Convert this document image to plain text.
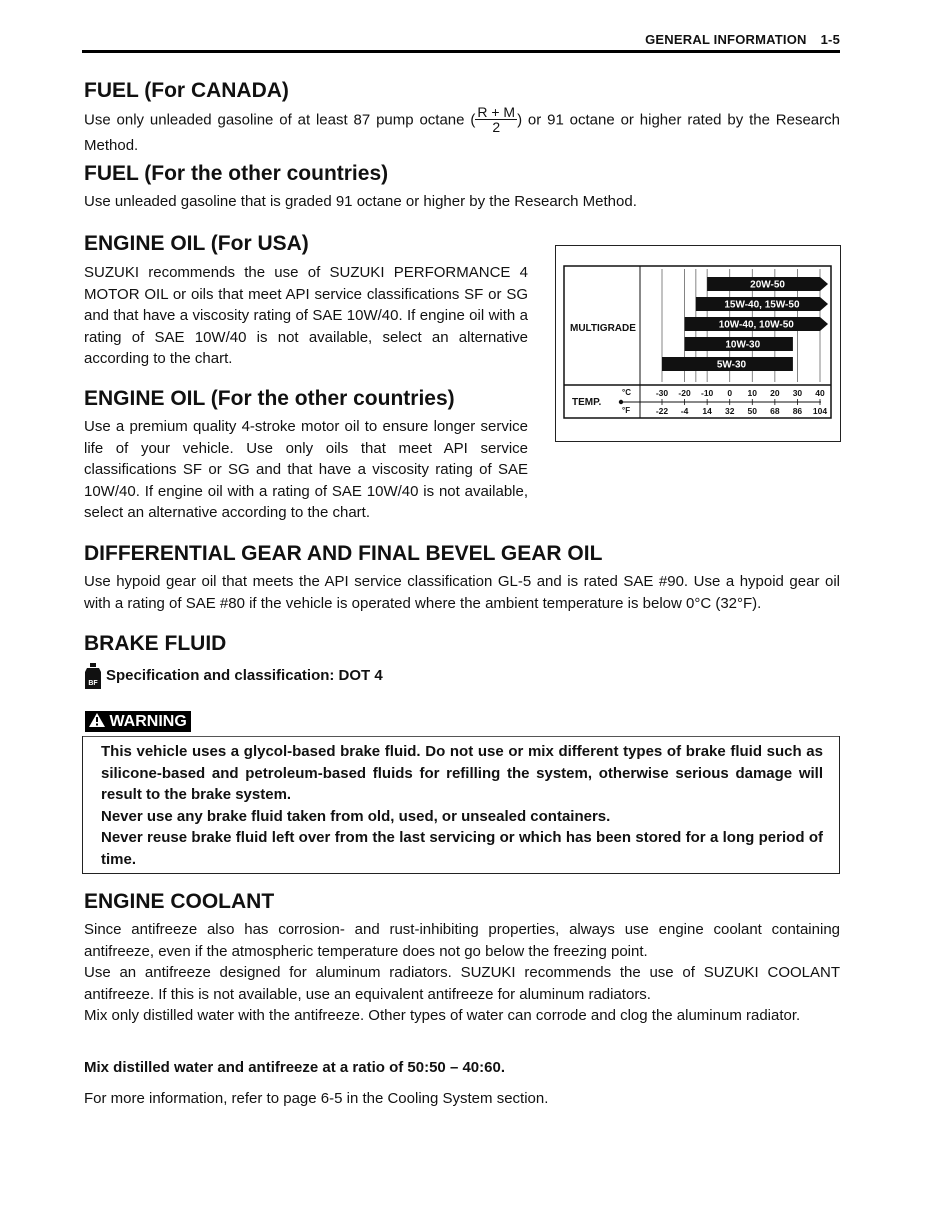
GENERAL INFORMATION 1-5
FUEL (For CANADA)

Use only unleaded gasoline of at least 87 pump octane ( $\frac{R + M}{2}$ ) or 91 octane or higher rated by the Research Method.

FUEL (For the other countries)

Use unleaded gasoline that is graded 91 octane or higher by the Research Method.

ENGINE OIL (For USA)

SUZUKI recommends the use of SUZUKI PERFORMANCE 4 MOTOR OIL or oils that meet API service classifications SF or SG and that have a viscosity rating of SAE 10W/40. If engine oil with a rating of SAE 10W/40 is not available, select an alternative according to the chart.

ENGINE OIL (For the other countries)

Use a premium quality 4-stroke motor oil to ensure longer service life of your vehicle. Use only oils that meet API service classifications SF or SG and that have a viscosity rating of SAE 10W/40. If engine oil with a rating of SAE 10W/40 is not available, select an alternative according to the chart.

MULTIGRADE
TEMP.
°C
°F
20W-50
15W-40, 15W-50
10W-40, 10W-50
10W-30
5W-30
-30 -20 -10 0 10 20 30 40
-22 -4 14 32 50 68 86 104
DIFFERENTIAL GEAR AND FINAL BEVEL GEAR OIL

Use hypoid gear oil that meets the API service classification GL-5 and is rated SAE #90. Use a hypoid gear oil with a rating of SAE #80 if the vehicle is operated where the ambient temperature is below 0°C (32°F).

BRAKE FLUID
BF Specification and classification: DOT 4

WARNING

This vehicle uses a glycol-based brake fluid. Do not use or mix different types of brake fluid such as silicone-based and petroleum-based fluids for refilling the system, otherwise serious damage will result to the brake system.

Never use any brake fluid taken from old, used, or unsealed containers.

Never reuse brake fluid left over from the last servicing or which has been stored for a long period of time.

ENGINE COOLANT

Since antifreeze also has corrosion- and rust-inhibiting properties, always use engine coolant containing antifreeze, even if the atmospheric temperature does not go below the freezing point.

Use an antifreeze designed for aluminum radiators. SUZUKI recommends the use of SUZUKI COOLANT antifreeze. If this is not available, use an equivalent antifreeze for aluminum radiators.

Mix only distilled water with the antifreeze. Other types of water can corrode and clog the aluminum radiator.

Mix distilled water and antifreeze at a ratio of 50:50 – 40:60.

For more information, refer to page 6-5 in the Cooling System section.
